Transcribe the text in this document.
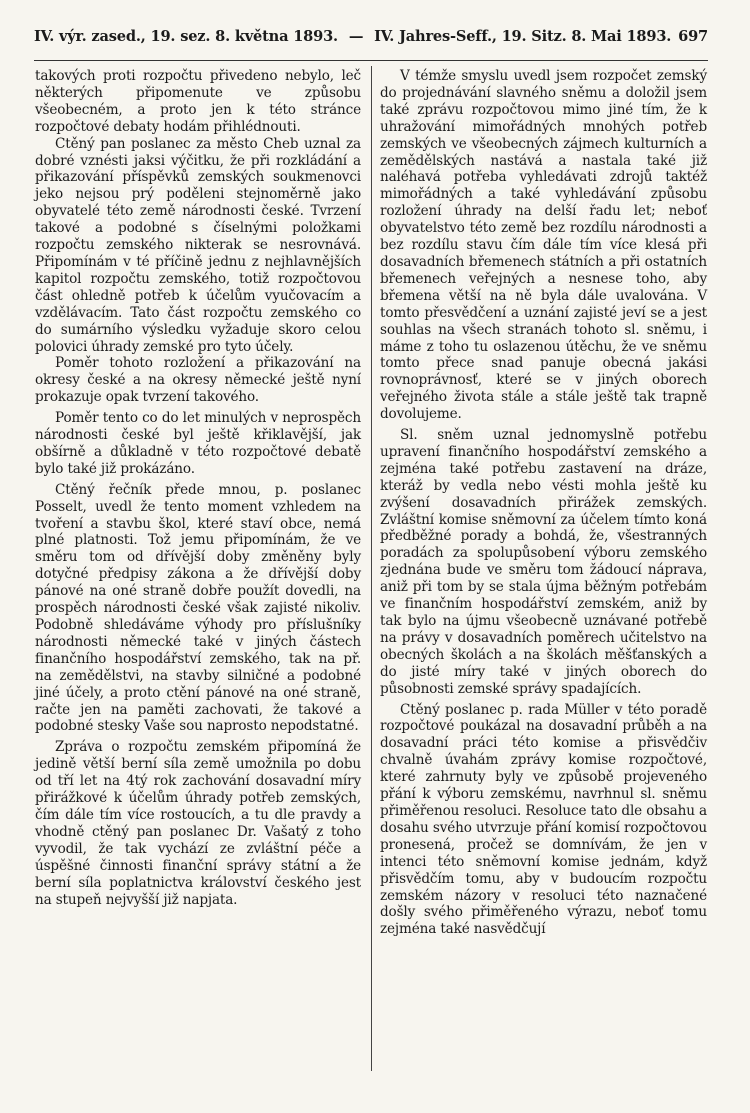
IV. výr. zased., 19. sez. 8. května 1893. — IV. Jahres-Seff., 19. Sitz. 8. Mai 1893. 697

takových proti rozpočtu přivedeno nebylo, leč některých připomenute ve způsobu všeobecném, a proto jen k této stránce rozpočtové debaty hodám přihlédnouti.

Ctěný pan poslanec za město Cheb uznal za dobré vznésti jaksi výčitku, že při rozkládání a přikazování příspěvků zemských soukmenovci jeko nejsou prý poděleni stejnoměrně jako obyvatelé této země národnosti české. Tvrzení takové a podobné s číselnými položkami rozpočtu zemského nikterak se nesrovnává. Připomínám v té příčině jednu z nejhlavnějších kapitol rozpočtu zemského, totiž rozpočtovou část ohledně potřeb k účelům vyučovacím a vzdělávacím. Tato část rozpočtu zemského co do sumárního výsledku vyžaduje skoro celou polovici úhrady zemské pro tyto účely.

Poměr tohoto rozložení a přikazování na okresy české a na okresy německé ještě nyní prokazuje opak tvrzení takového.

Poměr tento co do let minulých v neprospěch národnosti české byl ještě křiklavější, jak obšírně a důkladně v této rozpočtové debatě bylo také již prokázáno.

Ctěný řečník přede mnou, p. poslanec Posselt, uvedl že tento moment vzhledem na tvoření a stavbu škol, které staví obce, nemá plné platnosti. Tož jemu připomínám, že ve směru tom od dřívější doby změněny byly dotyčné předpisy zákona a že dřívější doby pánové na oné straně dobře použít dovedli, na prospěch národnosti české však zajisté nikoliv. Podobně shledáváme výhody pro příslušníky národnosti německé také v jiných částech finančního hospodářství zemského, tak na př. na zemědělstvi, na stavby silničné a podobné jiné účely, a proto ctění pánové na oné straně, račte jen na paměti zachovati, že takové a podobné stesky Vaše sou naprosto nepodstatné.

Zpráva o rozpočtu zemském připomíná že jedině větší berní síla země umožnila po dobu od tří let na 4tý rok zachování dosavadní míry přirážkové k účelům úhrady potřeb zemských, čím dále tím více rostoucích, a tu dle pravdy a vhodně ctěný pan poslanec Dr. Vašatý z toho vyvodil, že tak vychází ze zvláštní péče a úspěšné činnosti finanční správy státní a že berní síla poplatnictva království českého jest na stupeň nejvyšší již napjata.

V témže smyslu uvedl jsem rozpočet zemský do projednávání slavného sněmu a doložil jsem také zprávu rozpočtovou mimo jiné tím, že k uhražování mimořádných mnohých potřeb zemských ve všeobecných zájmech kulturních a zemědělských nastává a nastala také již naléhavá potřeba vyhledávati zdrojů taktéž mimořádných a také vyhledávání způsobu rozložení úhrady na delší řadu let; neboť obyvatelstvo této země bez rozdílu národnosti a bez rozdílu stavu čím dále tím více klesá při dosavadních břemenech státních a při ostatních břemenech veřejných a nesnese toho, aby břemena větší na ně byla dále uvalována. V tomto přesvědčení a uznání zajisté jeví se a jest souhlas na všech stranách tohoto sl. sněmu, i máme z toho tu oslazenou útěchu, že ve sněmu tomto přece snad panuje obecná jakási rovnoprávnosť, které se v jiných oborech veřejného života stále a stále ještě tak trapně dovolujeme.

Sl. sněm uznal jednomyslně potřebu upravení finančního hospodářství zemského a zejména také potřebu zastavení na dráze, kteráž by vedla nebo vésti mohla ještě ku zvýšení dosavadních přirážek zemských. Zvláštní komise sněmovní za účelem tímto koná předběžné porady a bohdá, že, všestranných poradách za spolupůsobení výboru zemského zjednána bude ve směru tom žádoucí náprava, aniž při tom by se stala újma běžným potřebám ve finančním hospodářství zemském, aniž by tak bylo na újmu všeobecně uznávané potřebě na právy v dosavadních poměrech učitelstvo na obecných školách a na školách měšťanských a do jisté míry také v jiných oborech do působnosti zemské správy spadajících.

Ctěný poslanec p. rada Müller v této poradě rozpočtové poukázal na dosavadní průběh a na dosavadní práci této komise a přisvědčiv chvalně úvahám zprávy komise rozpočtové, které zahrnuty byly ve způsobě projeveného přání k výboru zemskému, navrhnul sl. sněmu přiměřenou resoluci. Resoluce tato dle obsahu a dosahu svého utvrzuje přání komisí rozpočtovou pronesená, pročež se domnívám, že jen v intenci této sněmovní komise jednám, když přisvědčím tomu, aby v budoucím rozpočtu zemském názory v resoluci této naznačené došly svého přiměřeného výrazu, neboť tomu zejména také nasvědčují
